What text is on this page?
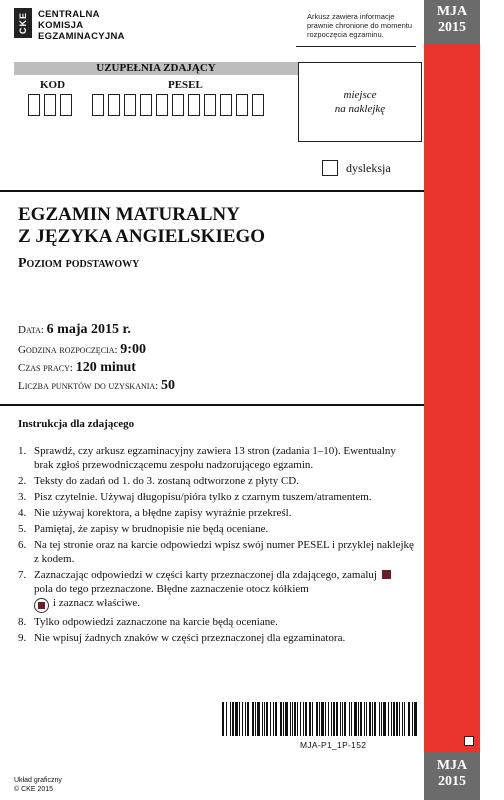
MJA
2015
MJA
2015
CKE	CENTRALNA
KOMISJA
EGZAMINACYJNA
Arkusz zawiera informacje prawnie chronione do momentu rozpoczęcia egzaminu.
UZUPEŁNIA ZDAJĄCY
KOD	PESEL
miejsce
na naklejkę
dysleksja
EGZAMIN MATURALNY
Z JĘZYKA ANGIELSKIEGO
Poziom podstawowy
Data: 6 maja 2015 r.
Godzina rozpoczęcia: 9:00
Czas pracy: 120 minut
Liczba punktów do uzyskania: 50
Instrukcja dla zdającego
1. Sprawdź, czy arkusz egzaminacyjny zawiera 13 stron (zadania 1–10). Ewentualny brak zgłoś przewodniczącemu zespołu nadzorującego egzamin.
2. Teksty do zadań od 1. do 3. zostaną odtworzone z płyty CD.
3. Pisz czytelnie. Używaj długopisu/pióra tylko z czarnym tuszem/atramentem.
4. Nie używaj korektora, a błędne zapisy wyraźnie przekreśl.
5. Pamiętaj, że zapisy w brudnopisie nie będą oceniane.
6. Na tej stronie oraz na karcie odpowiedzi wpisz swój numer PESEL i przyklej naklejkę z kodem.
7. Zaznaczając odpowiedzi w części karty przeznaczonej dla zdającego, zamaluj  pola do tego przeznaczone. Błędne zaznaczenie otocz kółkiem

i zaznacz właściwe.
8. Tylko odpowiedzi zaznaczone na karcie będą oceniane.
9. Nie wpisuj żadnych znaków w części przeznaczonej dla egzaminatora.
MJA-P1_1P-152
Układ graficzny
© CKE 2015
